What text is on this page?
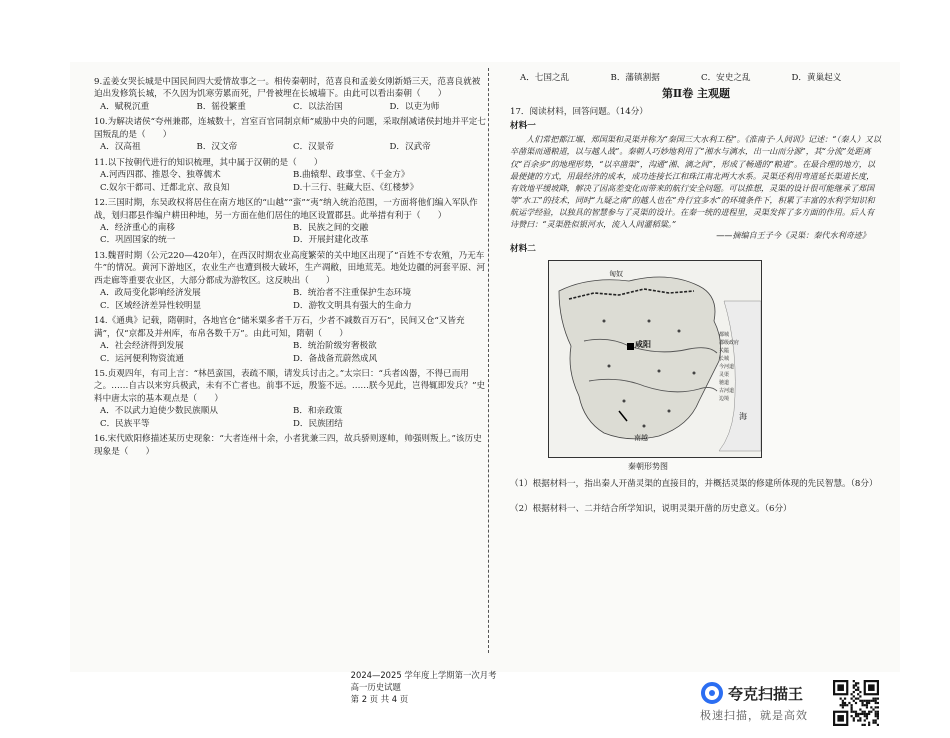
9.孟姜女哭长城是中国民间四大爱情故事之一。相传秦朝时，范喜良和孟姜女刚新婚三天，范喜良就被迫出发修筑长城，不久因为饥寒劳累而死，尸骨被埋在长城墙下。由此可以看出秦朝（　　）
A．赋税沉重	B．徭役繁重	C．以法治国	D．以吏为师
10.为解决诸侯“夸州兼郡，连城数十，宫室百官同制京师”威胁中央的问题，采取削减诸侯封地并平定七国叛乱的是（　　）
A．汉高祖	B．汉文帝	C．汉景帝	D．汉武帝
11.以下按朝代进行的知识梳理，其中属于汉朝的是（　　）
A.河西四郡、推恩令、独尊儒术	B.曲辕犁、政事堂、《千金方》
C.奴尔干都司、迁都北京、敌良知	D.十三行、驻藏大臣、《红楼梦》
12.三国时期，东吴政权将居住在南方地区的“山越”“蛮”“夷”纳入统治范围，一方面将他们编入军队作战，划归郡县作编户耕田种地，另一方面在他们居住的地区设置郡县。此举措有利于（　　）
A．经济重心的南移	B．民族之间的交融
C．巩固国家的统一	D．开展封建化改革
13.魏晋时期（公元220—420年），在西汉时期农业高度繁荣的关中地区出现了“百姓不专农殖，乃无车牛”的情况。黄河下游地区，农业生产也遭到极大破坏，生产凋敝，田地荒芜。地处边疆的河套平原、河西走廊等重要农业区，大部分都成为游牧区。这反映出（　　）
A．政局变化影响经济发展	B．统治者不注重保护生态环境
C．区域经济差异性较明显	D．游牧文明具有强大的生命力
14.《通典》记载，隋朝时，各地官仓“储米粟多者千万石，少者不减数百万石”，民间又仓“又皆充满”，仅“京都及并州库，布帛各数千万”。由此可知，隋朝（　　）
A．社会经济得到发展	B．统治阶级穷奢极欲
C．运河便利物资流通	D．备战备荒蔚然成风
15.贞观四年，有司上言：“林邑蛮国，表疏不顺，请发兵讨击之。”太宗曰：“兵者凶器，不得已而用之。……自古以来穷兵极武，未有不亡者也。前事不远，殷鉴不远。……朕今见此，岂得辄即发兵？”史料中唐太宗的基本观点是（　　）
A．不以武力迫使少数民族顺从	B．和亲政策
C．民族平等	D．民族团结
16.宋代欧阳修描述某历史现象：“大者连州十余，小者犹兼三四，故兵骄则逐帅，帅强则叛上。”该历史现象是（　　）
A．七国之乱	B．藩镇割据	C．安史之乱	D．黄巢起义
第Ⅱ卷 主观题
17．阅读材料，回答问题。（14分）
材料一
人们常把都江堰、郑国渠和灵渠并称为“秦国三大水利工程”。《淮南子·人间训》记述：“（秦人）又以卒凿渠而通粮道，以与越人战”。秦朝人巧妙地利用了“湘水与漓水，出一山而分源”，其“分流”处距离仅“百余步”的地理形势，“以卒凿渠”，沟通“湘、漓之间”，形成了畅通的“粮道”。在最合理的地方，以最便捷的方式，用最经济的成本，成功连接长江和珠江南北两大水系。灵渠还利用弯道延长渠道长度，有效地平缓坡降，解决了因高差变化而带来的航行安全问题。可以推想，灵渠的设计很可能继承了郑国等“水工”的技术，同时“九疑之南”的越人也在“舟行宜多水”的环境条件下，积累了丰富的水利学知识和航运学经验，以独具的智慧参与了灵渠的设计。在秦一统的进程里，灵渠发挥了多方面的作用。后人有诗赞曰：“灵渠胜似银河水，流入人间灌稻粱。”
——摘编自王子今《灵渠：秦代水利奇迹》
材料二
咸阳
匈奴
南越
海
都城
郡级政府
关隘
长城
今河道
灵渠
驰道
古河道
边境
秦朝形势图
（1）根据材料一，指出秦人开凿灵渠的直接目的，并概括灵渠的修建所体现的先民智慧。（8分）
（2）根据材料一、二并结合所学知识，说明灵渠开凿的历史意义。（6分）

2024—2025 学年度上学期第一次月考
高一历史试题
第 2 页 共 4 页
	夸克扫描王
极速扫描，就是高效
